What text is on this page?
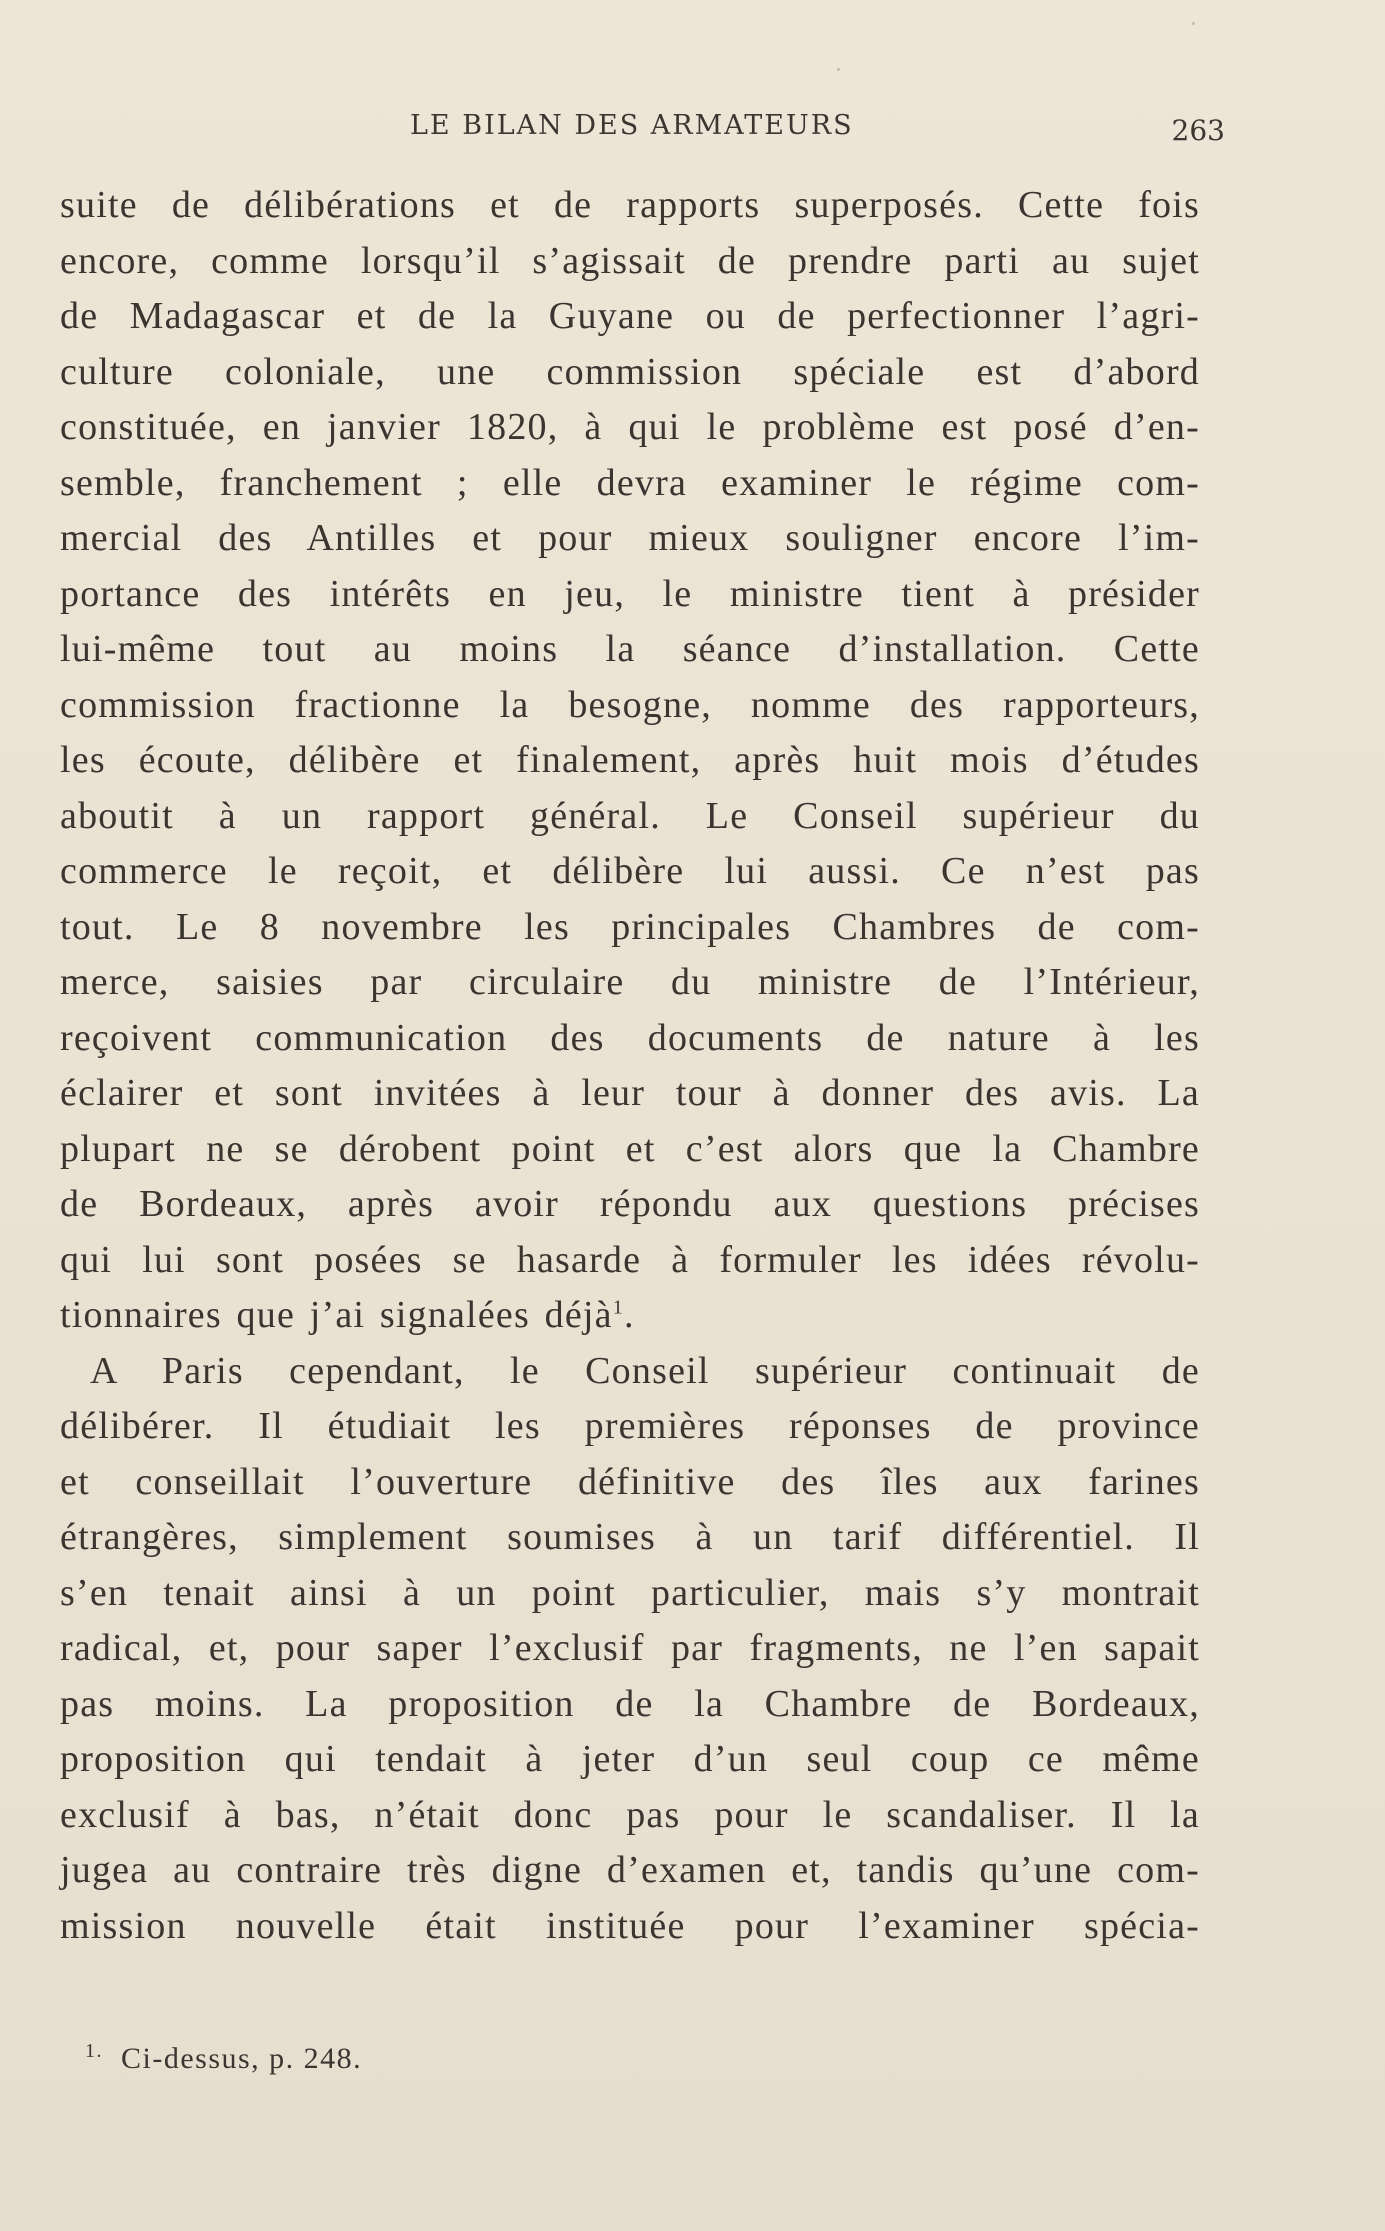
LE BILAN DES ARMATEURS	263

suite de délibérations et de rapports superposés. Cette fois
encore, comme lorsqu’il s’agissait de prendre parti au sujet
de Madagascar et de la Guyane ou de perfectionner l’agri-
culture coloniale, une commission spéciale est d’abord
constituée, en janvier 1820, à qui le problème est posé d’en-
semble, franchement ; elle devra examiner le régime com-
mercial des Antilles et pour mieux souligner encore l’im-
portance des intérêts en jeu, le ministre tient à présider
lui-même tout au moins la séance d’installation. Cette
commission fractionne la besogne, nomme des rapporteurs,
les écoute, délibère et finalement, après huit mois d’études
aboutit à un rapport général. Le Conseil supérieur du
commerce le reçoit, et délibère lui aussi. Ce n’est pas
tout. Le 8 novembre les principales Chambres de com-
merce, saisies par circulaire du ministre de l’Intérieur,
reçoivent communication des documents de nature à les
éclairer et sont invitées à leur tour à donner des avis. La
plupart ne se dérobent point et c’est alors que la Chambre
de Bordeaux, après avoir répondu aux questions précises
qui lui sont posées se hasarde à formuler les idées révolu-
tionnaires que j’ai signalées déjà$^1$.

A Paris cependant, le Conseil supérieur continuait de
délibérer. Il étudiait les premières réponses de province
et conseillait l’ouverture définitive des îles aux farines
étrangères, simplement soumises à un tarif différentiel. Il
s’en tenait ainsi à un point particulier, mais s’y montrait
radical, et, pour saper l’exclusif par fragments, ne l’en sapait
pas moins. La proposition de la Chambre de Bordeaux,
proposition qui tendait à jeter d’un seul coup ce même
exclusif à bas, n’était donc pas pour le scandaliser. Il la
jugea au contraire très digne d’examen et, tandis qu’une com-
mission nouvelle était instituée pour l’examiner spécia-

$^{1.}$ Ci-dessus, p. 248.
